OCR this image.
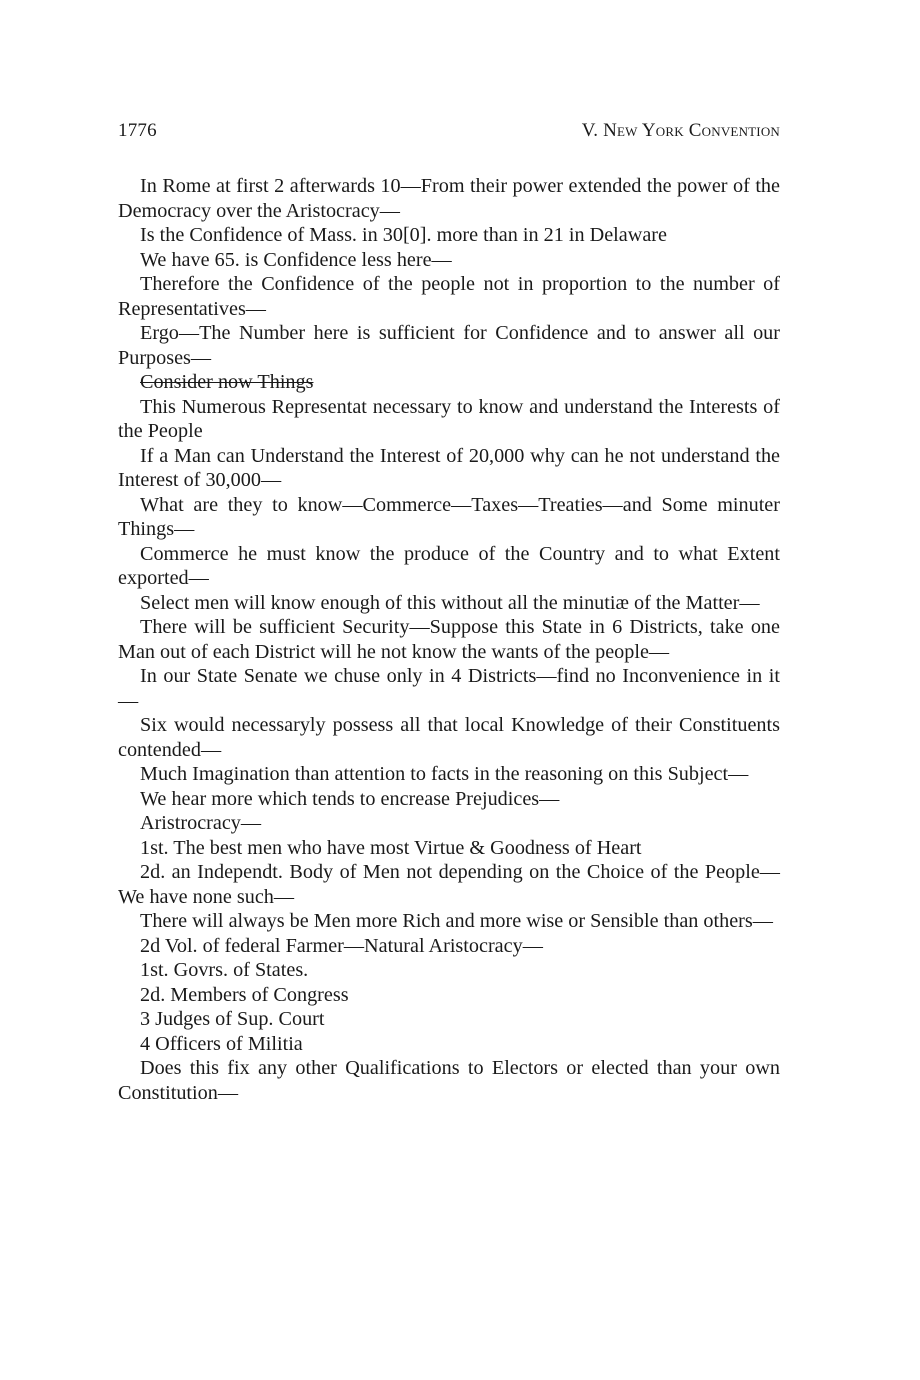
1776	V. New York Convention

In Rome at first 2 afterwards 10—From their power extended the power of the Democracy over the Aristocracy—

Is the Confidence of Mass. in 30[0]. more than in 21 in Delaware

We have 65. is Confidence less here—

Therefore the Confidence of the people not in proportion to the number of Representatives—

Ergo—The Number here is sufficient for Confidence and to answer all our Purposes—

Consider now Things

This Numerous Representat necessary to know and understand the Interests of the People

If a Man can Understand the Interest of 20,000 why can he not understand the Interest of 30,000—

What are they to know—Commerce—Taxes—Treaties—and Some minuter Things—

Commerce he must know the produce of the Country and to what Extent exported—

Select men will know enough of this without all the minutiæ of the Matter—

There will be sufficient Security—Suppose this State in 6 Districts, take one Man out of each District will he not know the wants of the people—

In our State Senate we chuse only in 4 Districts—find no Inconvenience in it—

Six would necessaryly possess all that local Knowledge of their Constituents contended—

Much Imagination than attention to facts in the reasoning on this Subject—

We hear more which tends to encrease Prejudices—

Aristrocracy—

1st. The best men who have most Virtue & Goodness of Heart

2d. an Independt. Body of Men not depending on the Choice of the People—We have none such—

There will always be Men more Rich and more wise or Sensible than others—

2d Vol. of federal Farmer—Natural Aristocracy—

1st. Govrs. of States.

2d. Members of Congress

3 Judges of Sup. Court

4 Officers of Militia

Does this fix any other Qualifications to Electors or elected than your own Constitution—
